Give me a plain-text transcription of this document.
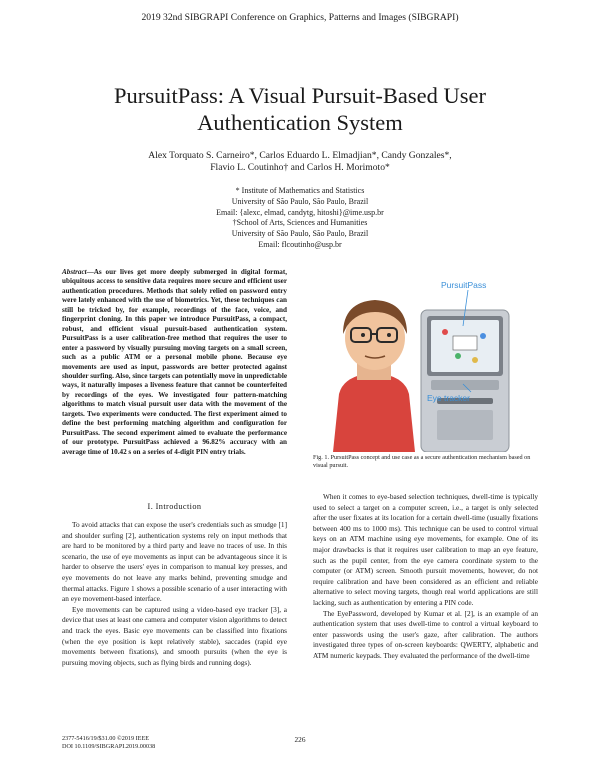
2019 32nd SIBGRAPI Conference on Graphics, Patterns and Images (SIBGRAPI)
PursuitPass: A Visual Pursuit-Based User
Authentication System
Alex Torquato S. Carneiro*, Carlos Eduardo L. Elmadjian*, Candy Gonzales*,
Flavio L. Coutinho† and Carlos H. Morimoto*
* Institute of Mathematics and Statistics
University of São Paulo, São Paulo, Brazil
Email: {alexc, elmad, candytg, hitoshi}@ime.usp.br
†School of Arts, Sciences and Humanities
University of São Paulo, São Paulo, Brazil
Email: flcoutinho@usp.br
Abstract—As our lives get more deeply submerged in digital format, ubiquitous access to sensitive data requires more secure and efficient user authentication procedures. Methods that solely relied on password entry were lately enhanced with the use of biometrics. Yet, these techniques can still be tricked by, for example, recordings of the face, voice, and fingerprint cloning. In this paper we introduce PursuitPass, a compact, robust, and efficient visual pursuit-based authentication system. PursuitPass is a user calibration-free method that requires the user to enter a password by visually pursuing moving targets on a small screen, such as a public ATM or a personal mobile phone. Because eye movements are used as input, passwords are better protected against shoulder surfing. Also, since targets can potentially move in unpredictable ways, it naturally imposes a liveness feature that cannot be counterfeited by recordings of the eyes. We investigated four pattern-matching algorithms to match visual pursuit user data with the movement of the targets. Two experiments were conducted. The first experiment aimed to define the best performing matching algorithm and configuration for PursuitPass. The second experiment aimed to evaluate the performance of our prototype. PursuitPass achieved a 96.82% accuracy with an average time of 10.42 s on a series of 4-digit PIN entry trials.
I. Introduction

To avoid attacks that can expose the user's credentials such as smudge [1] and shoulder surfing [2], authentication systems rely on input methods that are hard to be monitored by a third party and leave no traces of use. In this scenario, the use of eye movements as input can be advantageous since it is harder to observe the users' eyes in comparison to manual key presses, and eye movements do not leave any marks behind, preventing smudge and thermal attacks. Figure 1 shows a possible scenario of a user interacting with an eye movement-based interface.

Eye movements can be captured using a video-based eye tracker [3], a device that uses at least one camera and computer vision algorithms to detect and track the eyes. Basic eye movements can be classified into fixations (when the eye position is kept relatively stable), saccades (rapid eye movements between fixations), and smooth pursuits (when the eye is pursuing moving objects, such as flying birds and running dogs).

PursuitPass
Eye tracker
Fig. 1. PursuitPass concept and use case as a secure authentication mechanism based on visual pursuit.

When it comes to eye-based selection techniques, dwell-time is typically used to select a target on a computer screen, i.e., a target is only selected after the user fixates at its location for a certain dwell-time (usually fixations between 400 ms to 1000 ms). This technique can be used to control virtual keys on an ATM machine using eye movements, for example. One of its major drawbacks is that it requires user calibration to map an eye feature, such as the pupil center, from the eye camera coordinate system to the computer (or ATM) screen. Smooth pursuit movements, however, do not require calibration and have been considered as an efficient and reliable alternative to select moving targets, though real world applications are still lacking, such as authentication by entering a PIN code.

The EyePassword, developed by Kumar et al. [2], is an example of an authentication system that uses dwell-time to control a virtual keyboard to enter passwords using the user's gaze, after calibration. The authors investigated three types of on-screen keyboards: QWERTY, alphabetic and ATM numeric keypads. They evaluated the performance of the dwell-time

2377-5416/19/$31.00 ©2019 IEEE
DOI 10.1109/SIBGRAPI.2019.00038
226
